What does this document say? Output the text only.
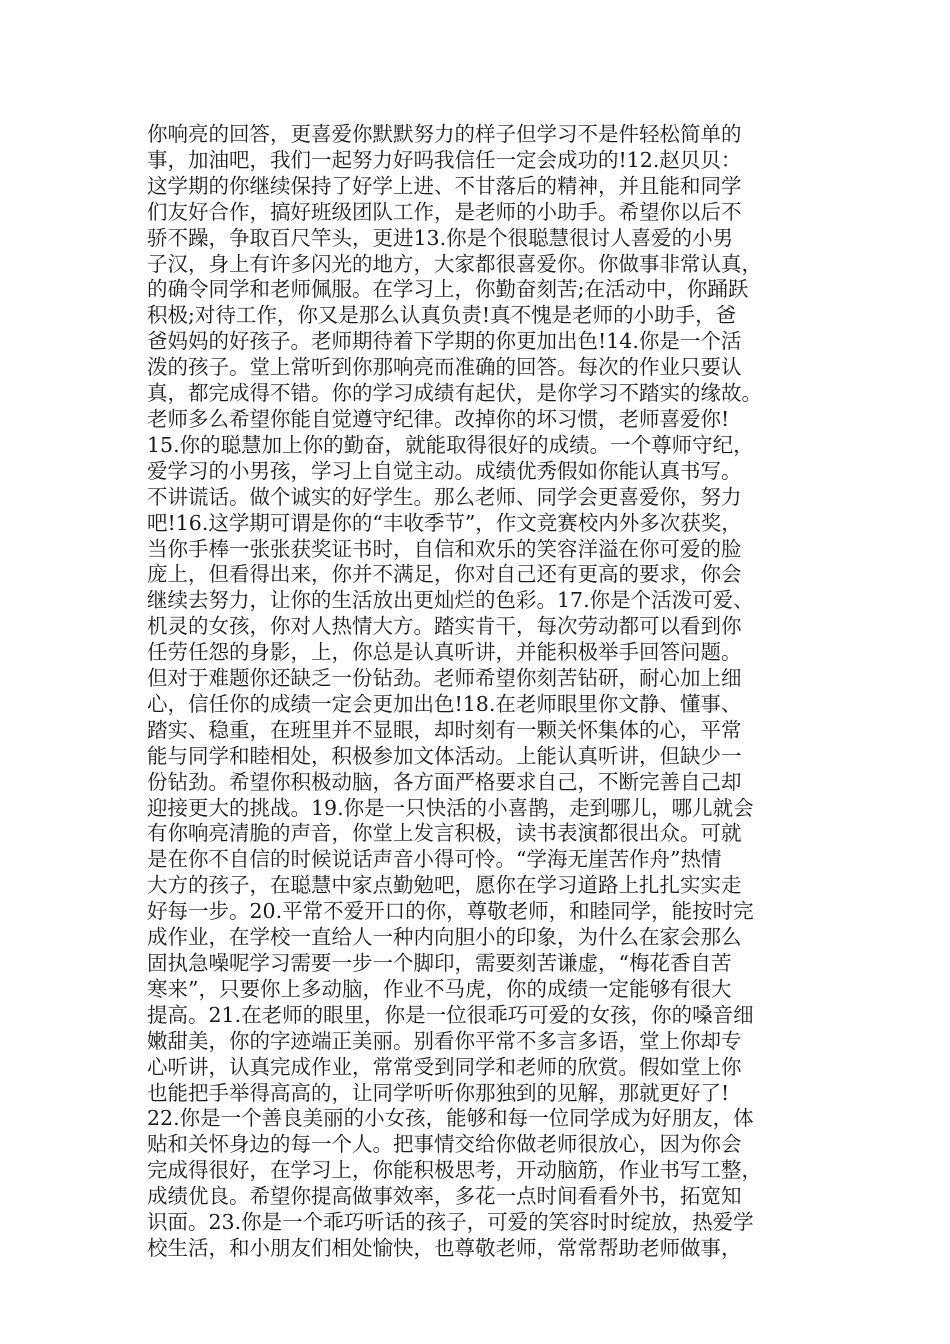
你响亮的回答，更喜爱你默默努力的样子但学习不是件轻松简单的
事，加油吧，我们一起努力好吗我信任一定会成功的!12.赵贝贝：
这学期的你继续保持了好学上进、不甘落后的精神，并且能和同学
们友好合作，搞好班级团队工作，是老师的小助手。希望你以后不
骄不躁，争取百尺竿头，更进13.你是个很聪慧很讨人喜爱的小男
子汉，身上有许多闪光的地方，大家都很喜爱你。你做事非常认真，
的确令同学和老师佩服。在学习上，你勤奋刻苦;在活动中，你踊跃
积极;对待工作，你又是那么认真负责!真不愧是老师的小助手，爸
爸妈妈的好孩子。老师期待着下学期的你更加出色!14.你是一个活
泼的孩子。堂上常听到你那响亮而准确的回答。每次的作业只要认
真，都完成得不错。你的学习成绩有起伏，是你学习不踏实的缘故。
老师多么希望你能自觉遵守纪律。改掉你的坏习惯，老师喜爱你!
15.你的聪慧加上你的勤奋，就能取得很好的成绩。一个尊师守纪，
爱学习的小男孩，学习上自觉主动。成绩优秀假如你能认真书写。
不讲谎话。做个诚实的好学生。那么老师、同学会更喜爱你，努力
吧!16.这学期可谓是你的“丰收季节”，作文竞赛校内外多次获奖，
当你手棒一张张获奖证书时，自信和欢乐的笑容洋溢在你可爱的脸
庞上，但看得出来，你并不满足，你对自己还有更高的要求，你会
继续去努力，让你的生活放出更灿烂的色彩。17.你是个活泼可爱、
机灵的女孩，你对人热情大方。踏实肯干，每次劳动都可以看到你
任劳任怨的身影，上，你总是认真听讲，并能积极举手回答问题。
但对于难题你还缺乏一份钻劲。老师希望你刻苦钻研，耐心加上细
心，信任你的成绩一定会更加出色!18.在老师眼里你文静、懂事、
踏实、稳重，在班里并不显眼，却时刻有一颗关怀集体的心，平常
能与同学和睦相处，积极参加文体活动。上能认真听讲，但缺少一
份钻劲。希望你积极动脑，各方面严格要求自己，不断完善自己却
迎接更大的挑战。19.你是一只快活的小喜鹊，走到哪儿，哪儿就会
有你响亮清脆的声音，你堂上发言积极，读书表演都很出众。可就
是在你不自信的时候说话声音小得可怜。“学海无崖苦作舟”热情
大方的孩子，在聪慧中家点勤勉吧，愿你在学习道路上扎扎实实走
好每一步。20.平常不爱开口的你，尊敬老师，和睦同学，能按时完
成作业，在学校一直给人一种内向胆小的印象，为什么在家会那么
固执急噪呢学习需要一步一个脚印，需要刻苦谦虚，“梅花香自苦
寒来”，只要你上多动脑，作业不马虎，你的成绩一定能够有很大
提高。21.在老师的眼里，你是一位很乖巧可爱的女孩，你的嗓音细
嫩甜美，你的字迹端正美丽。别看你平常不多言多语，堂上你却专
心听讲，认真完成作业，常常受到同学和老师的欣赏。假如堂上你
也能把手举得高高的，让同学听听你那独到的见解，那就更好了!
22.你是一个善良美丽的小女孩，能够和每一位同学成为好朋友，体
贴和关怀身边的每一个人。把事情交给你做老师很放心，因为你会
完成得很好，在学习上，你能积极思考，开动脑筋，作业书写工整，
成绩优良。希望你提高做事效率，多花一点时间看看外书，拓宽知
识面。23.你是一个乖巧听话的孩子，可爱的笑容时时绽放，热爱学
校生活，和小朋友们相处愉快，也尊敬老师，常常帮助老师做事，
